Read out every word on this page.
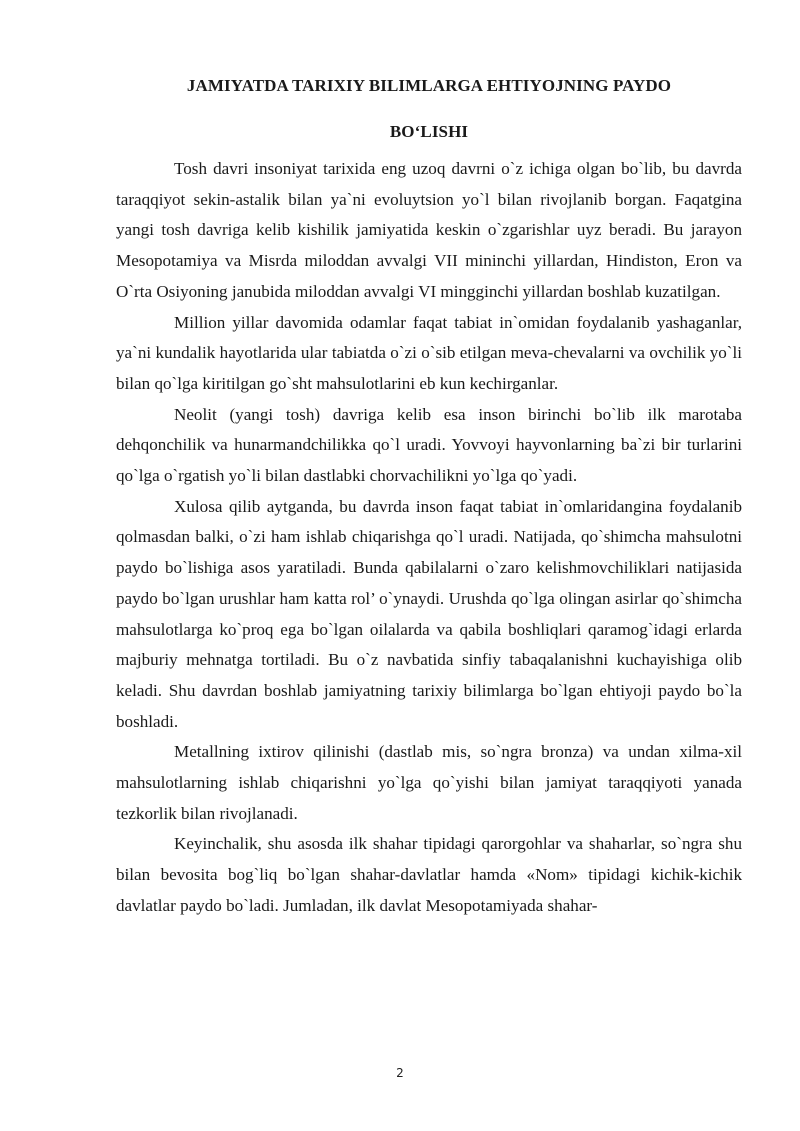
JAMIYATDA TARIXIY BILIMLARGA EHTIYOJNING PAYDO
BO‘LISHI

Tosh davri insoniyat tarixida eng uzoq davrni o`z ichiga olgan bo`lib, bu davrda taraqqiyot sekin-astalik bilan ya`ni evoluytsion yo`l bilan rivojlanib borgan. Faqatgina yangi tosh davriga kelib kishilik jamiyatida keskin o`zgarishlar uyz beradi. Bu jarayon Mesopotamiya va Misrda miloddan avvalgi VII mininchi yillardan, Hindiston, Eron va O`rta Osiyoning janubida miloddan avvalgi VI mingginchi yillardan boshlab kuzatilgan.

Million yillar davomida odamlar faqat tabiat in`omidan foydalanib yashaganlar, ya`ni kundalik hayotlarida ular tabiatda o`zi o`sib etilgan meva-chevalarni va ovchilik yo`li bilan qo`lga kiritilgan go`sht mahsulotlarini eb kun kechirganlar.

Neolit (yangi tosh) davriga kelib esa inson birinchi bo`lib ilk marotaba dehqonchilik va hunarmandchilikka qo`l uradi. Yovvoyi hayvonlarning ba`zi bir turlarini qo`lga o`rgatish yo`li bilan dastlabki chorvachilikni yo`lga qo`yadi.

Xulosa qilib aytganda, bu davrda inson faqat tabiat in`omlaridangina foydalanib qolmasdan balki, o`zi ham ishlab chiqarishga qo`l uradi. Natijada, qo`shimcha mahsulotni paydo bo`lishiga asos yaratiladi. Bunda qabilalarni o`zaro kelishmovchiliklari natijasida paydo bo`lgan urushlar ham katta rol’ o`ynaydi. Urushda qo`lga olingan asirlar qo`shimcha mahsulotlarga ko`proq ega bo`lgan oilalarda va qabila boshliqlari qaramog`idagi erlarda majburiy mehnatga tortiladi. Bu o`z navbatida sinfiy tabaqalanishni kuchayishiga olib keladi. Shu davrdan boshlab jamiyatning tarixiy bilimlarga bo`lgan ehtiyoji paydo bo`la boshladi.

Metallning ixtirov qilinishi (dastlab mis, so`ngra bronza) va undan xilma-xil mahsulotlarning ishlab chiqarishni yo`lga qo`yishi bilan jamiyat taraqqiyoti yanada tezkorlik bilan rivojlanadi.

Keyinchalik, shu asosda ilk shahar tipidagi qarorgohlar va shaharlar, so`ngra shu bilan bevosita bog`liq bo`lgan shahar-davlatlar hamda «Nom» tipidagi kichik-kichik davlatlar paydo bo`ladi. Jumladan, ilk davlat Mesopotamiyada shahar-

2
